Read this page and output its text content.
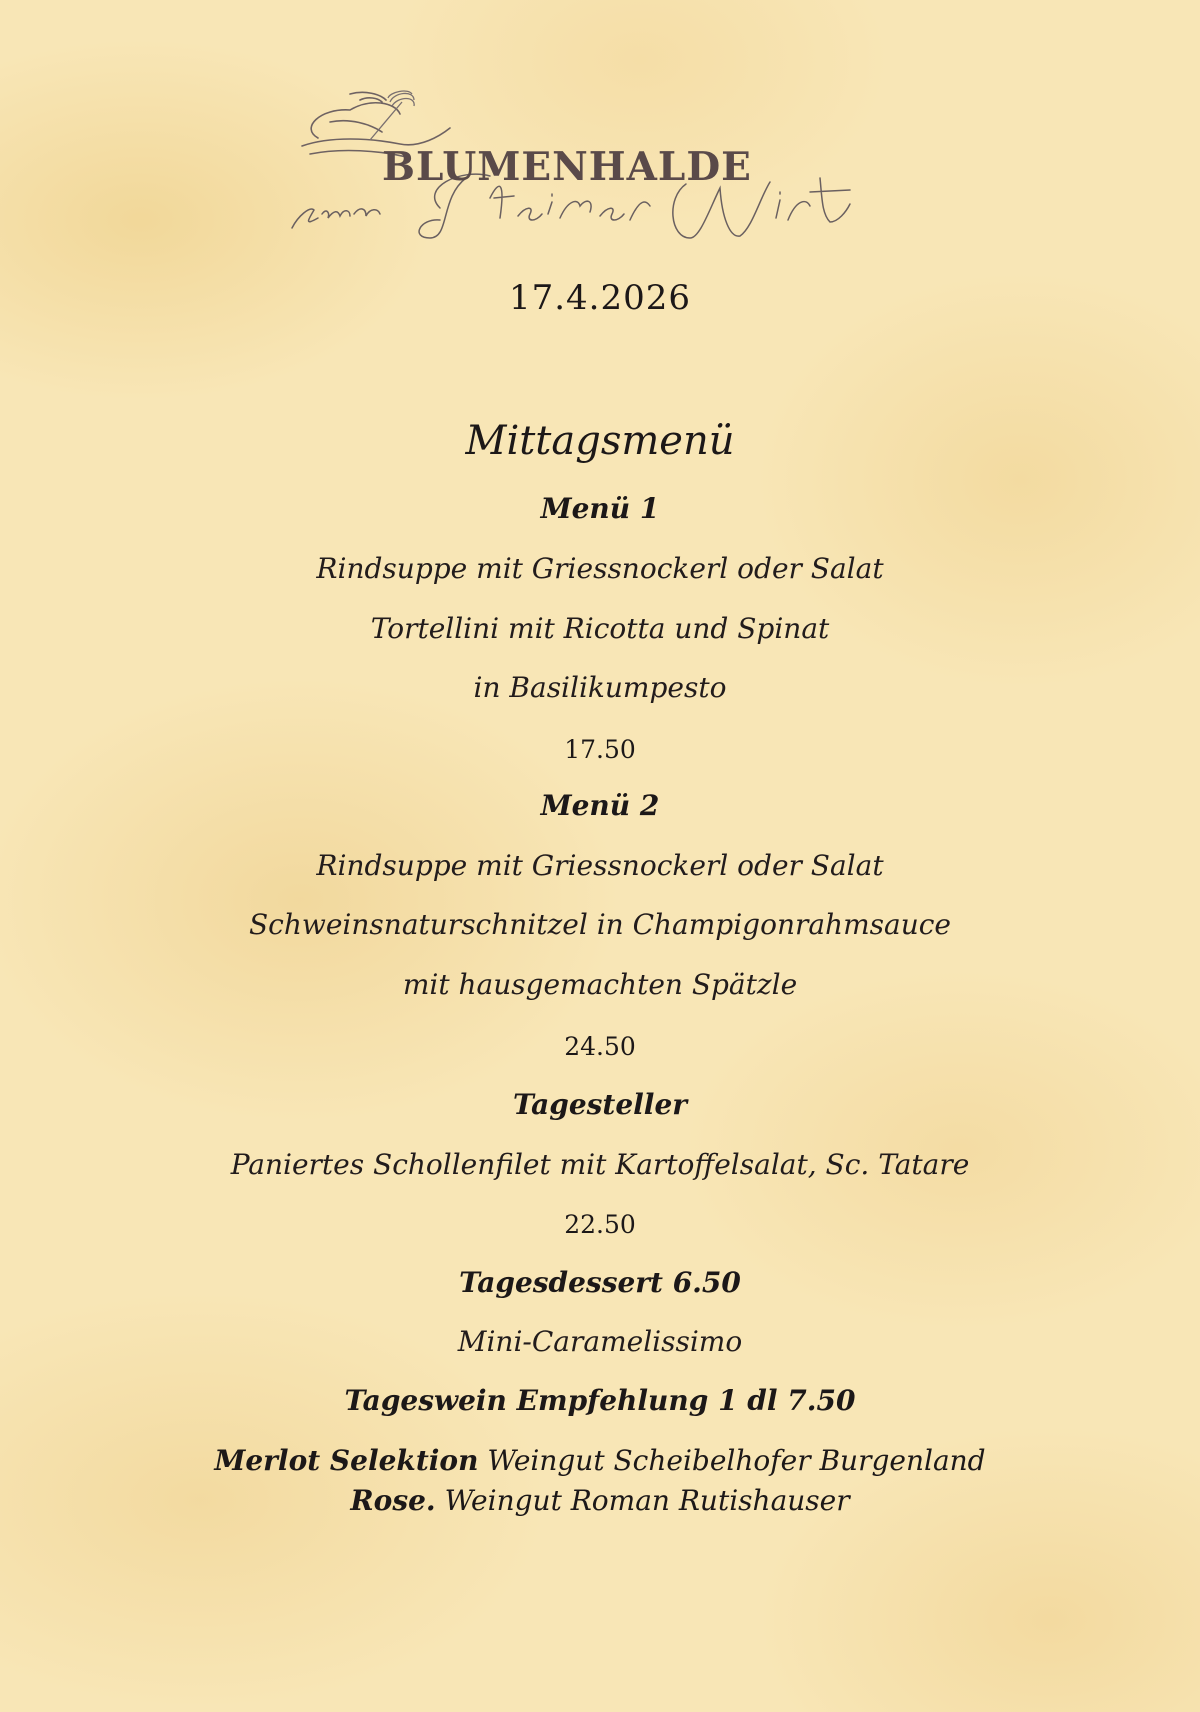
BLUMENHALDE
17.4.2026
Mittagsmenü
Menü 1
Rindsuppe mit Griessnockerl oder Salat
Tortellini mit Ricotta und Spinat
in Basilikumpesto
17.50
Menü 2
Rindsuppe mit Griessnockerl oder Salat
Schweinsnaturschnitzel in Champigonrahmsauce
mit hausgemachten Spätzle
24.50
Tagesteller
Paniertes Schollenfilet mit Kartoffelsalat, Sc. Tatare
22.50
Tagesdessert 6.50
Mini-Caramelissimo
Tageswein Empfehlung 1 dl 7.50
Merlot Selektion Weingut Scheibelhofer Burgenland
Rose. Weingut Roman Rutishauser
